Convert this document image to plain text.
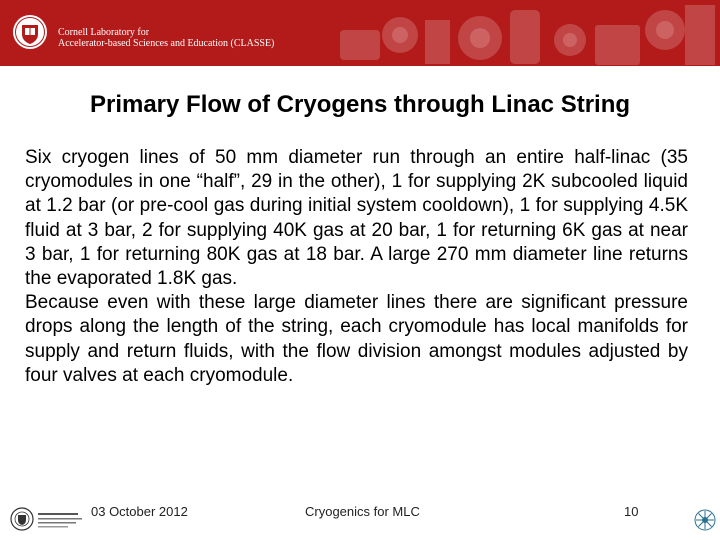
Cornell Laboratory for
Accelerator-based Sciences and Education (CLASSE)
Primary Flow of Cryogens through Linac String

Six cryogen lines of 50 mm diameter run through an entire half-linac (35 cryomodules in one “half”, 29 in the other), 1 for supplying 2K subcooled liquid at 1.2 bar (or pre-cool gas during initial system cooldown), 1 for supplying 4.5K fluid at 3 bar, 2 for supplying 40K gas at 20 bar, 1 for returning 6K gas at near 3 bar, 1 for returning 80K gas at 18 bar. A large 270 mm diameter line returns the evaporated 1.8K gas.

Because even with these large diameter lines there are significant pressure drops along the length of the string, each cryomodule has local manifolds for supply and return fluids, with the flow division amongst modules adjusted by four valves at each cryomodule.

03 October 2012	Cryogenics for MLC	10
